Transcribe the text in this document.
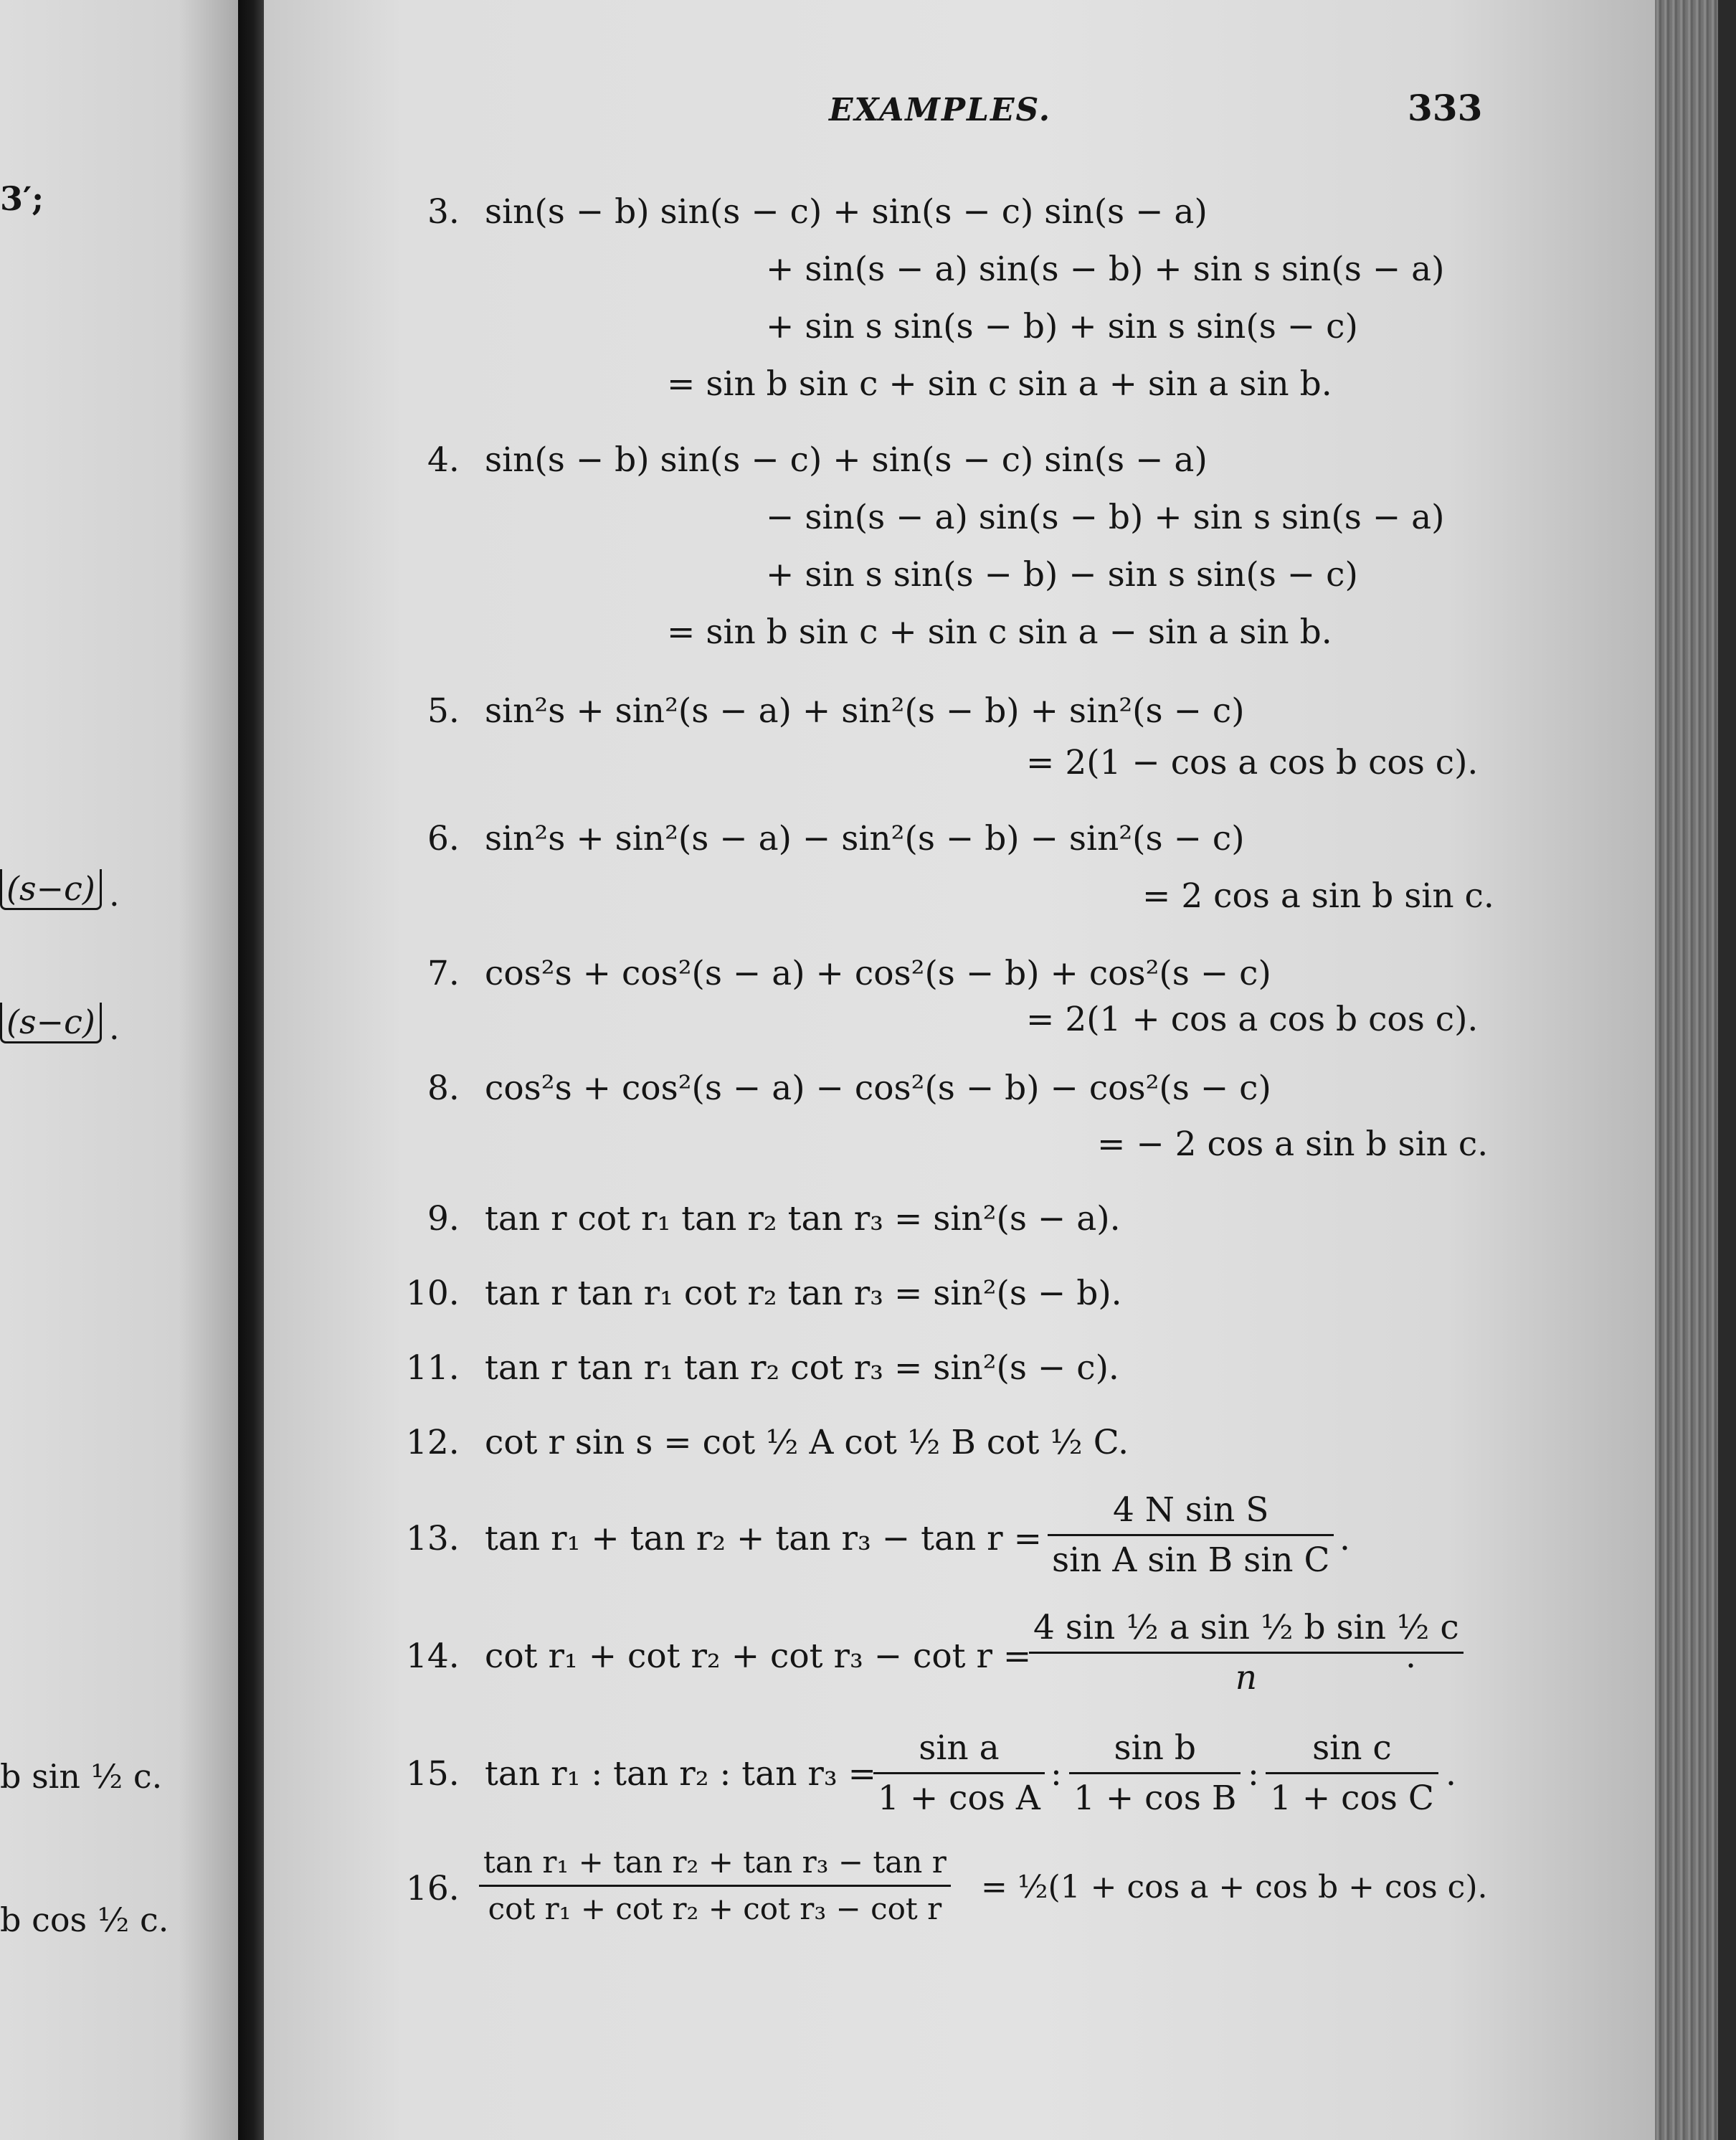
3′;
(s−c) .
(s−c) .
b sin ½ c.
b cos ½ c.
EXAMPLES.	333
3. sin(s − b) sin(s − c) + sin(s − c) sin(s − a)
+ sin(s − a) sin(s − b) + sin s sin(s − a)
+ sin s sin(s − b) + sin s sin(s − c)
= sin b sin c + sin c sin a + sin a sin b.
4. sin(s − b) sin(s − c) + sin(s − c) sin(s − a)
− sin(s − a) sin(s − b) + sin s sin(s − a)
+ sin s sin(s − b) − sin s sin(s − c)
= sin b sin c + sin c sin a − sin a sin b.
5. sin²s + sin²(s − a) + sin²(s − b) + sin²(s − c)
= 2(1 − cos a cos b cos c).
6. sin²s + sin²(s − a) − sin²(s − b) − sin²(s − c)
= 2 cos a sin b sin c.
7. cos²s + cos²(s − a) + cos²(s − b) + cos²(s − c)
= 2(1 + cos a cos b cos c).
8. cos²s + cos²(s − a) − cos²(s − b) − cos²(s − c)
= − 2 cos a sin b sin c.
9. tan r cot r₁ tan r₂ tan r₃ = sin²(s − a).
10. tan r tan r₁ cot r₂ tan r₃ = sin²(s − b).
11. tan r tan r₁ tan r₂ cot r₃ = sin²(s − c).
12. cot r sin s = cot ½ A cot ½ B cot ½ C.
13. tan r₁ + tan r₂ + tan r₃ − tan r =
4 N sin S
sin A sin B sin C
.
14. cot r₁ + cot r₂ + cot r₃ − cot r =
4 sin ½ a sin ½ b sin ½ c
n
.
15. tan r₁ : tan r₂ : tan r₃ =
sin a
1 + cos A
:
sin b
1 + cos B
:
sin c
1 + cos C
.
16.
tan r₁ + tan r₂ + tan r₃ − tan r
cot r₁ + cot r₂ + cot r₃ − cot r
= ½(1 + cos a + cos b + cos c).
